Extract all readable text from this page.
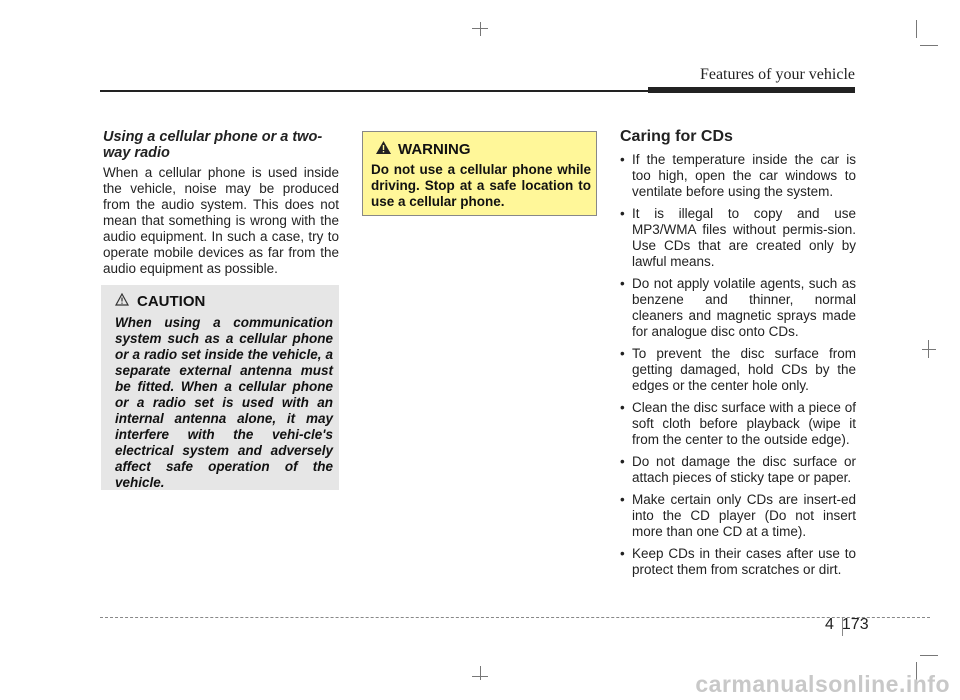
Features of your vehicle
Using a cellular phone or a two-way radio
When a cellular phone is used inside the vehicle, noise may be produced from the audio system. This does not mean that something is wrong with the audio equipment. In such a case, try to operate mobile devices as far from the audio equipment as possible.
CAUTION
When using a communication system such as a cellular phone or a radio set inside the vehicle, a separate external antenna must be fitted. When a cellular phone or a radio set is used with an internal antenna alone, it may interfere with the vehi-cle's electrical system and adversely affect safe operation of the vehicle.
WARNING
Do not use a cellular phone while driving. Stop at a safe location to use a cellular phone.
Caring for CDs
• If the temperature inside the car is too high, open the car windows to ventilate before using the system.
• It is illegal to copy and use MP3/WMA files without permis-sion. Use CDs that are created only by lawful means.
• Do not apply volatile agents, such as benzene and thinner, normal cleaners and magnetic sprays made for analogue disc onto CDs.
• To prevent the disc surface from getting damaged, hold CDs by the edges or the center hole only.
• Clean the disc surface with a piece of soft cloth before playback (wipe it from the center to the outside edge).
• Do not damage the disc surface or attach pieces of sticky tape or paper.
• Make certain only CDs are insert-ed into the CD player (Do not insert more than one CD at a time).
• Keep CDs in their cases after use to protect them from scratches or dirt.
4 173
carmanualsonline.info
